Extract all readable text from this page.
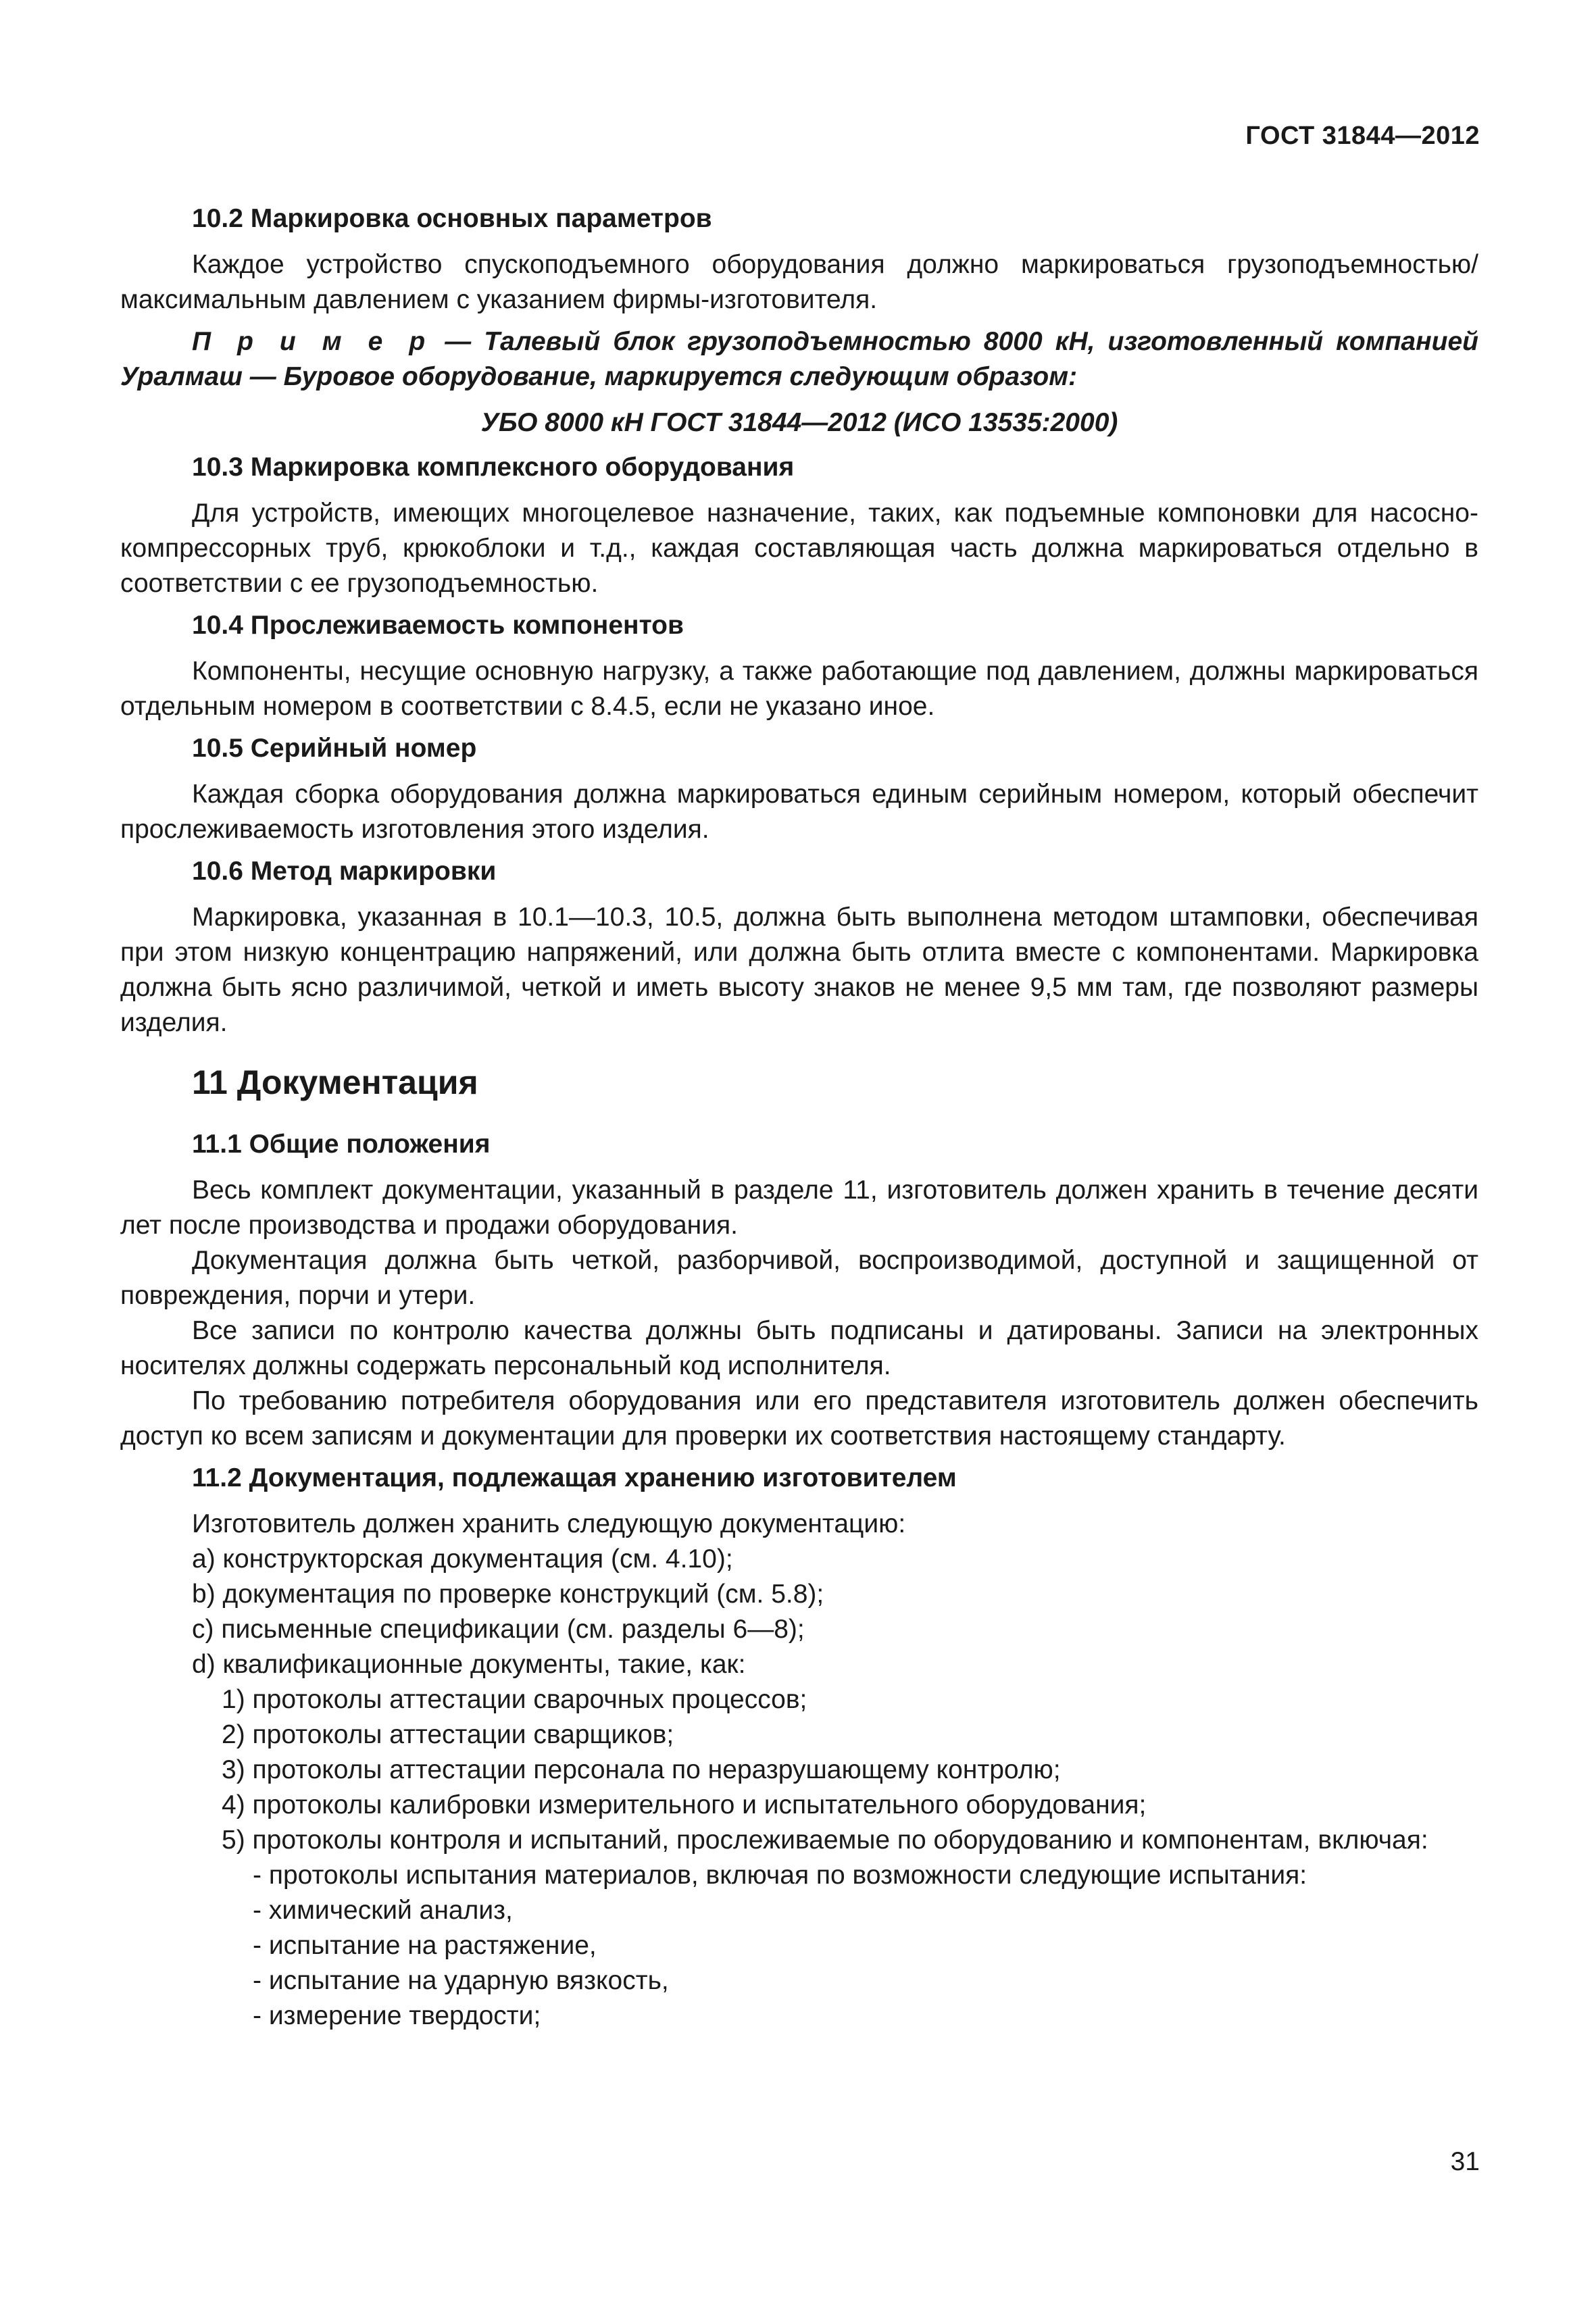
ГОСТ 31844—2012
10.2 Маркировка основных параметров
Каждое устройство спускоподъемного оборудования должно маркироваться грузоподъемностью/максимальным давлением с указанием фирмы-изготовителя.
П р и м е р — Талевый блок грузоподъемностью 8000 кН, изготовленный компанией Уралмаш — Буровое оборудование, маркируется следующим образом:
УБО 8000 кН ГОСТ 31844—2012 (ИСО 13535:2000)
10.3 Маркировка комплексного оборудования
Для устройств, имеющих многоцелевое назначение, таких, как подъемные компоновки для насосно-компрессорных труб, крюкоблоки и т.д., каждая составляющая часть должна маркироваться отдельно в соответствии с ее грузоподъемностью.
10.4 Прослеживаемость компонентов
Компоненты, несущие основную нагрузку, а также работающие под давлением, должны маркироваться отдельным номером в соответствии с 8.4.5, если не указано иное.
10.5 Серийный номер
Каждая сборка оборудования должна маркироваться единым серийным номером, который обеспечит прослеживаемость изготовления этого изделия.
10.6 Метод маркировки
Маркировка, указанная в 10.1—10.3, 10.5, должна быть выполнена методом штамповки, обеспечивая при этом низкую концентрацию напряжений, или должна быть отлита вместе с компонентами. Маркировка должна быть ясно различимой, четкой и иметь высоту знаков не менее 9,5 мм там, где позволяют размеры изделия.
11 Документация
11.1 Общие положения
Весь комплект документации, указанный в разделе 11, изготовитель должен хранить в течение десяти лет после производства и продажи оборудования.
Документация должна быть четкой, разборчивой, воспроизводимой, доступной и защищенной от повреждения, порчи и утери.
Все записи по контролю качества должны быть подписаны и датированы. Записи на электронных носителях должны содержать персональный код исполнителя.
По требованию потребителя оборудования или его представителя изготовитель должен обеспечить доступ ко всем записям и документации для проверки их соответствия настоящему стандарту.
11.2 Документация, подлежащая хранению изготовителем
Изготовитель должен хранить следующую документацию:
а) конструкторская документация (см. 4.10);
b) документация по проверке конструкций (см. 5.8);
с) письменные спецификации (см. разделы 6—8);
d) квалификационные документы, такие, как:
1) протоколы аттестации сварочных процессов;
2) протоколы аттестации сварщиков;
3) протоколы аттестации персонала по неразрушающему контролю;
4) протоколы калибровки измерительного и испытательного оборудования;
5) протоколы контроля и испытаний, прослеживаемые по оборудованию и компонентам, включая:
- протоколы испытания материалов, включая по возможности следующие испытания:
- химический анализ,
- испытание на растяжение,
- испытание на ударную вязкость,
- измерение твердости;
31
